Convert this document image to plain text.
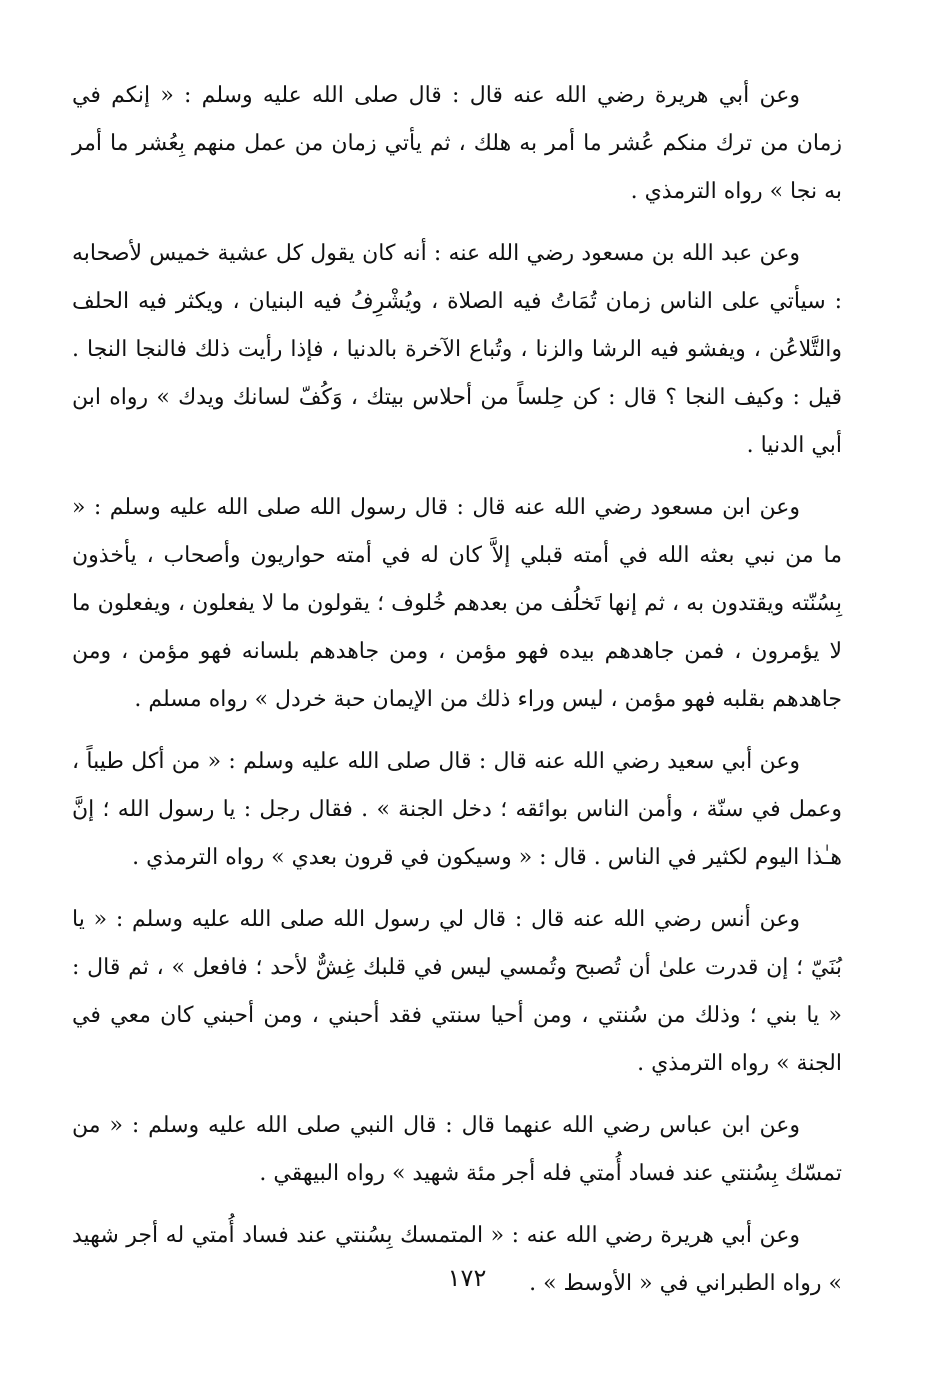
وعن أبي هريرة رضي الله عنه قال : قال صلى الله عليه وسلم : « إنكم في زمان من ترك منكم عُشر ما أمر به هلك ، ثم يأتي زمان من عمل منهم بِعُشر ما أمر به نجا » رواه الترمذي .

وعن عبد الله بن مسعود رضي الله عنه : أنه كان يقول كل عشية خميس لأصحابه : سيأتي على الناس زمان تُمَاتُ فيه الصلاة ، ويُشْرِفُ فيه البنيان ، ويكثر فيه الحلف والتَّلاعُن ، ويفشو فيه الرشا والزنا ، وتُباع الآخرة بالدنيا ، فإذا رأيت ذلك فالنجا النجا . قيل : وكيف النجا ؟ قال : كن حِلساً من أحلاس بيتك ، وَكُفّ لسانك ويدك » رواه ابن أبي الدنيا .

وعن ابن مسعود رضي الله عنه قال : قال رسول الله صلى الله عليه وسلم : « ما من نبي بعثه الله في أمته قبلي إلاَّ كان له في أمته حواريون وأصحاب ، يأخذون بِسُنّته ويقتدون به ، ثم إنها تَخلُف من بعدهم خُلوف ؛ يقولون ما لا يفعلون ، ويفعلون ما لا يؤمرون ، فمن جاهدهم بيده فهو مؤمن ، ومن جاهدهم بلسانه فهو مؤمن ، ومن جاهدهم بقلبه فهو مؤمن ، ليس وراء ذلك من الإيمان حبة خردل » رواه مسلم .

وعن أبي سعيد رضي الله عنه قال : قال صلى الله عليه وسلم : « من أكل طيباً ، وعمل في سنّة ، وأمن الناس بوائقه ؛ دخل الجنة » . فقال رجل : يا رسول الله ؛ إنَّ هـٰذا اليوم لكثير في الناس . قال : « وسيكون في قرون بعدي » رواه الترمذي .

وعن أنس رضي الله عنه قال : قال لي رسول الله صلى الله عليه وسلم : « يا بُنَيّ ؛ إن قدرت علىٰ أن تُصبح وتُمسي ليس في قلبك غِشٌّ لأحد ؛ فافعل » ، ثم قال : « يا بني ؛ وذلك من سُنتي ، ومن أحيا سنتي فقد أحبني ، ومن أحبني كان معي في الجنة » رواه الترمذي .

وعن ابن عباس رضي الله عنهما قال : قال النبي صلى الله عليه وسلم : « من تمسّك بِسُنتي عند فساد أُمتي فله أجر مئة شهيد » رواه البيهقي .

وعن أبي هريرة رضي الله عنه : « المتمسك بِسُنتي عند فساد أُمتي له أجر شهيد » رواه الطبراني في « الأوسط » .

١٧٢
